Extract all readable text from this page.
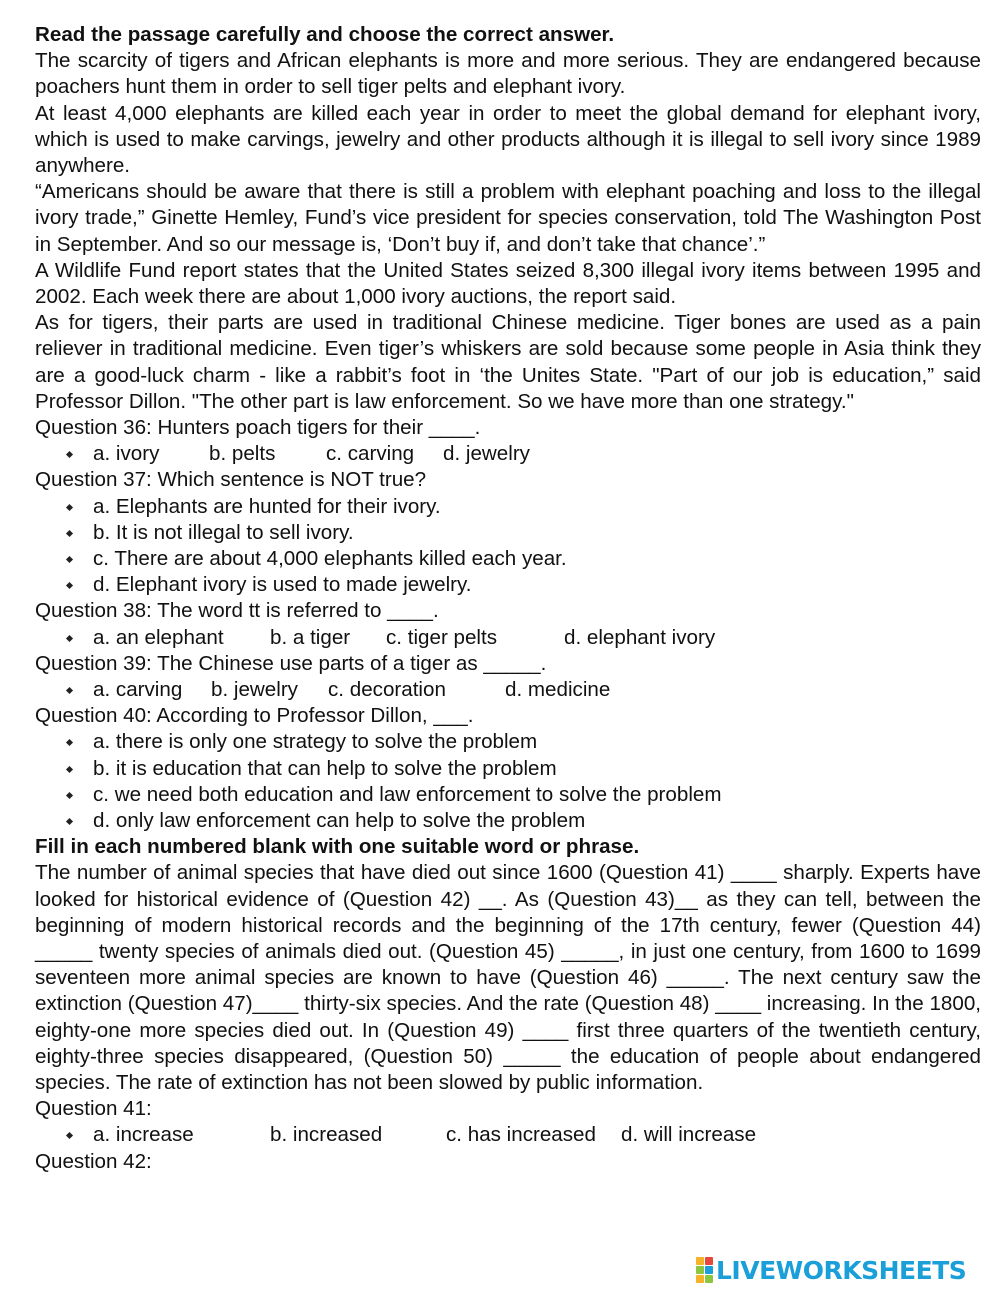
Read the passage carefully and choose the correct answer.

The scarcity of tigers and African elephants is more and more serious. They are endangered because poachers hunt them in order to sell tiger pelts and elephant ivory.

At least 4,000 elephants are killed each year in order to meet the global demand for elephant ivory, which is used to make carvings, jewelry and other products although it is illegal to sell ivory since 1989 anywhere.

“Americans should be aware that there is still a problem with elephant poaching and loss to the illegal ivory trade,” Ginette Hemley, Fund’s vice president for species conservation, told The Washington Post in September. And so our message is, ‘Don’t buy if, and don’t take that chance’.”

A Wildlife Fund report states that the United States seized 8,300 illegal ivory items between 1995 and 2002. Each week there are about 1,000 ivory auctions, the report said.

As for tigers, their parts are used in traditional Chinese medicine. Tiger bones are used as a pain reliever in traditional medicine. Even tiger’s whiskers are sold because some people in Asia think they are a good-luck charm - like a rabbit’s foot in ‘the Unites State. "Part of our job is education,” said Professor Dillon. "The other part is law enforcement. So we have more than one strategy."

Question 36: Hunters poach tigers for their ____.

a. ivory b. pelts c. carving d. jewelry

Question 37: Which sentence is NOT true?

a. Elephants are hunted for their ivory.
b. It is not illegal to sell ivory.
c. There are about 4,000 elephants killed each year.
d. Elephant ivory is used to made jewelry.

Question 38: The word tt is referred to ____.

a. an elephant b. a tiger c. tiger pelts	d. elephant ivory

Question 39: The Chinese use parts of a tiger as _____.

a. carving b. jewelry c. decoration	d. medicine

Question 40: According to Professor Dillon, ___.

a. there is only one strategy to solve the problem
b. it is education that can help to solve the problem
c. we need both education and law enforcement to solve the problem
d. only law enforcement can help to solve the problem

Fill in each numbered blank with one suitable word or phrase.

The number of animal species that have died out since 1600 (Question 41) ____ sharply. Experts have looked for historical evidence of (Question 42) __. As (Question 43)__ as they can tell, between the beginning of modern historical records and the beginning of the 17th century, fewer (Question 44) _____ twenty species of animals died out. (Question 45) _____, in just one century, from 1600 to 1699 seventeen more animal species are known to have (Question 46) _____. The next century saw the extinction (Question 47)____ thirty-six species. And the rate (Question 48) ____ increasing. In the 1800, eighty-one more species died out. In (Question 49) ____ first three quarters of the twentieth century, eighty-three species disappeared, (Question 50) _____ the education of people about endangered species. The rate of extinction has not been slowed by public information.

Question 41:

a. increase	b. increased	c. has increased d. will increase

Question 42:

LIVEWORKSHEETS
